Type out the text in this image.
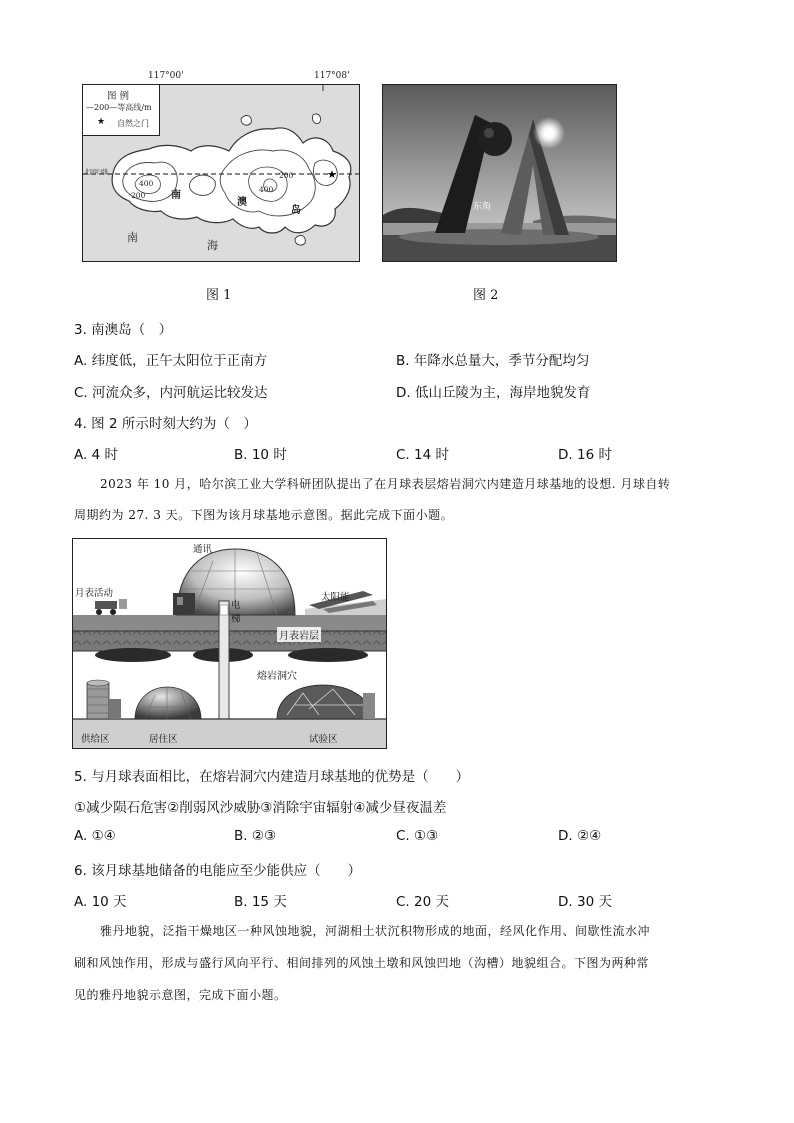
117°00'	117°08'
★
图 例
—200—等高线/m
★ 自然之门
北回归线
400
200
400
200
南
澳
岛
南
海
东角
图 1	图 2
3. 南澳岛（　）
A. 纬度低，正午太阳位于正南方	B. 年降水总量大，季节分配均匀
C. 河流众多，内河航运比较发达	D. 低山丘陵为主，海岸地貌发育
4. 图 2 所示时刻大约为（　）
A. 4 时	B. 10 时	C. 14 时	D. 16 时
2023 年 10 月，哈尔滨工业大学科研团队提出了在月球表层熔岩洞穴内建造月球基地的设想. 月球自转
周期约为 27. 3 天。下图为该月球基地示意图。据此完成下面小题。
通讯
月表活动	太阳能
电梯
月表岩层
熔岩洞穴
供给区	居住区	试验区
5. 与月球表面相比，在熔岩洞穴内建造月球基地的优势是（　　）
①减少陨石危害②削弱风沙威胁③消除宇宙辐射④减少昼夜温差
A. ①④	B. ②③	C. ①③	D. ②④
6. 该月球基地储备的电能应至少能供应（　　）
A. 10 天	B. 15 天	C. 20 天	D. 30 天
雅丹地貌，泛指干燥地区一种风蚀地貌，河湖相土状沉积物形成的地面，经风化作用、间歇性流水冲
刷和风蚀作用，形成与盛行风向平行、相间排列的风蚀土墩和风蚀凹地（沟槽）地貌组合。下图为两种常
见的雅丹地貌示意图，完成下面小题。
